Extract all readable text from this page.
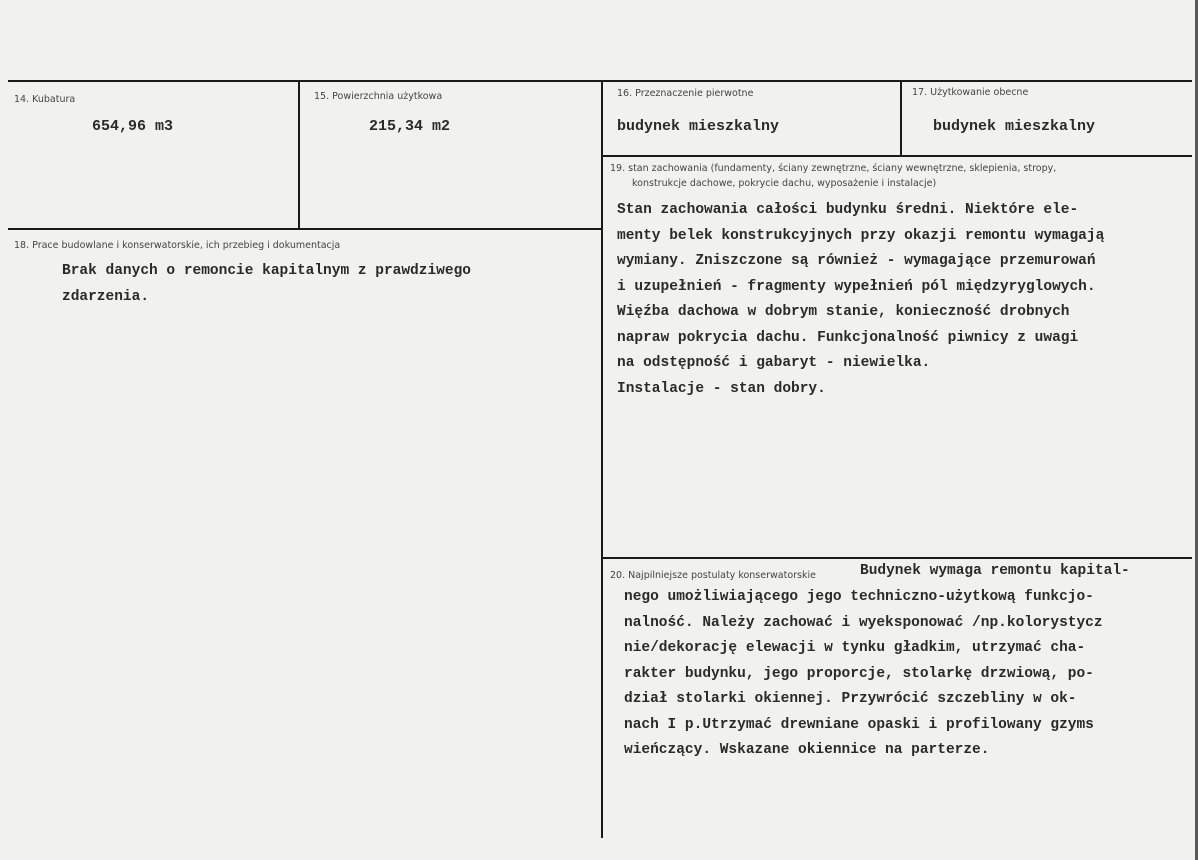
14. Kubatura
654,96 m3
15. Powierzchnia użytkowa
215,34 m2
16. Przeznaczenie pierwotne
budynek mieszkalny
17. Użytkowanie obecne
budynek mieszkalny
19. stan zachowania (fundamenty, ściany zewnętrzne, ściany wewnętrzne, sklepienia, stropy,
konstrukcje dachowe, pokrycie dachu, wyposażenie i instalacje)
Stan zachowania całości budynku średni. Niektóre ele-
menty belek konstrukcyjnych przy okazji remontu wymagają
wymiany. Zniszczone są również - wymagające przemurowań
i uzupełnień - fragmenty wypełnień pól międzyryglowych.
Więźba dachowa w dobrym stanie, konieczność drobnych
napraw pokrycia dachu. Funkcjonalność piwnicy z uwagi
na odstępność i gabaryt - niewielka.
Instalacje - stan dobry.
18. Prace budowlane i konserwatorskie, ich przebieg i dokumentacja
Brak danych o remoncie kapitalnym z prawdziwego
zdarzenia.
20. Najpilniejsze postulaty konserwatorskie	Budynek wymaga remontu kapital-
nego umożliwiającego jego techniczno-użytkową funkcjo-
nalność. Należy zachować i wyeksponować /np.kolorystycz
nie/dekorację elewacji w tynku gładkim, utrzymać cha-
rakter budynku, jego proporcje, stolarkę drzwiową, po-
dział stolarki okiennej. Przywrócić szczebliny w ok-
nach I p.Utrzymać drewniane opaski i profilowany gzyms
wieńczący. Wskazane okiennice na parterze.
